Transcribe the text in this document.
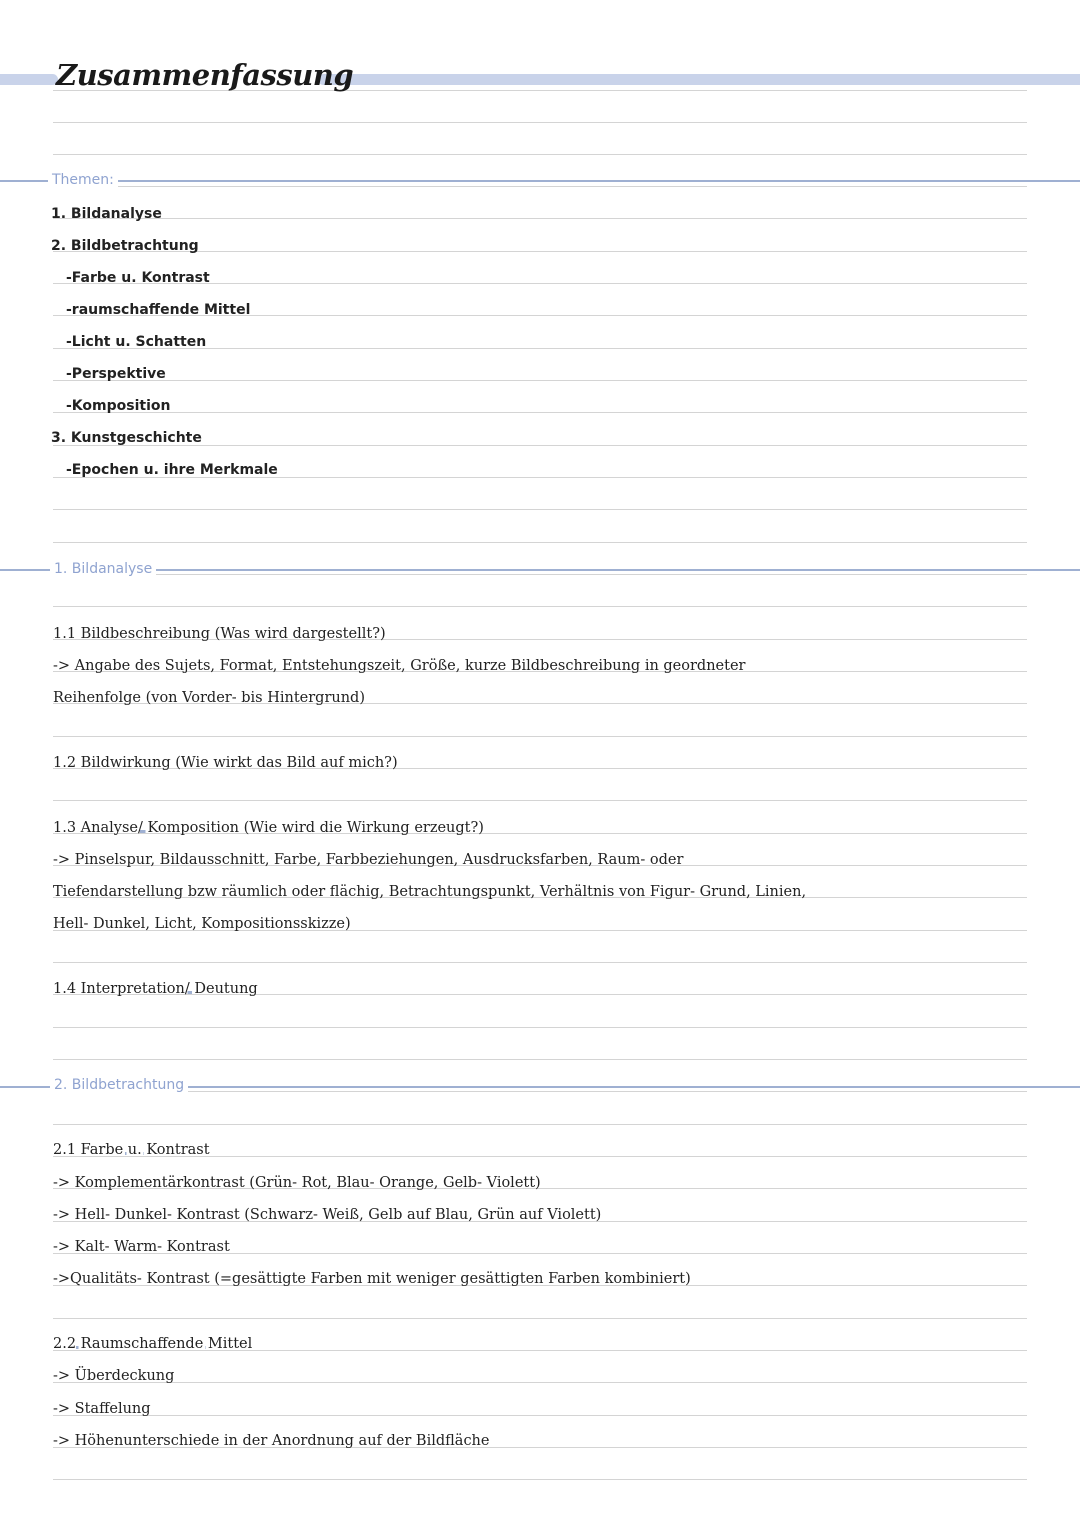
Zusammenfassung
Themen:
1. Bildanalyse
2. Bildbetrachtung
-Farbe u. Kontrast
-raumschaffende Mittel
-Licht u. Schatten
-Perspektive
-Komposition
3. Kunstgeschichte
-Epochen u. ihre Merkmale
1. Bildanalyse
1.1 Bildbeschreibung (Was wird dargestellt?)
-> Angabe des Sujets, Format, Entstehungszeit, Größe, kurze Bildbeschreibung in geordneter
Reihenfolge (von Vorder- bis Hintergrund)
1.2 Bildwirkung (Wie wirkt das Bild auf mich?)
1.3 Analyse/ Komposition (Wie wird die Wirkung erzeugt?)
-> Pinselspur, Bildausschnitt, Farbe, Farbbeziehungen, Ausdrucksfarben, Raum- oder
Tiefendarstellung bzw räumlich oder flächig, Betrachtungspunkt, Verhältnis von Figur- Grund, Linien,
Hell- Dunkel, Licht, Kompositionsskizze)
1.4 Interpretation/ Deutung
2. Bildbetrachtung
2.1 Farbe u. Kontrast
-> Komplementärkontrast (Grün- Rot, Blau- Orange, Gelb- Violett)
-> Hell- Dunkel- Kontrast (Schwarz- Weiß, Gelb auf Blau, Grün auf Violett)
-> Kalt- Warm- Kontrast
->Qualitäts- Kontrast (=gesättigte Farben mit weniger gesättigten Farben kombiniert)
2.2 Raumschaffende Mittel
-> Überdeckung
-> Staffelung
-> Höhenunterschiede in der Anordnung auf der Bildfläche
